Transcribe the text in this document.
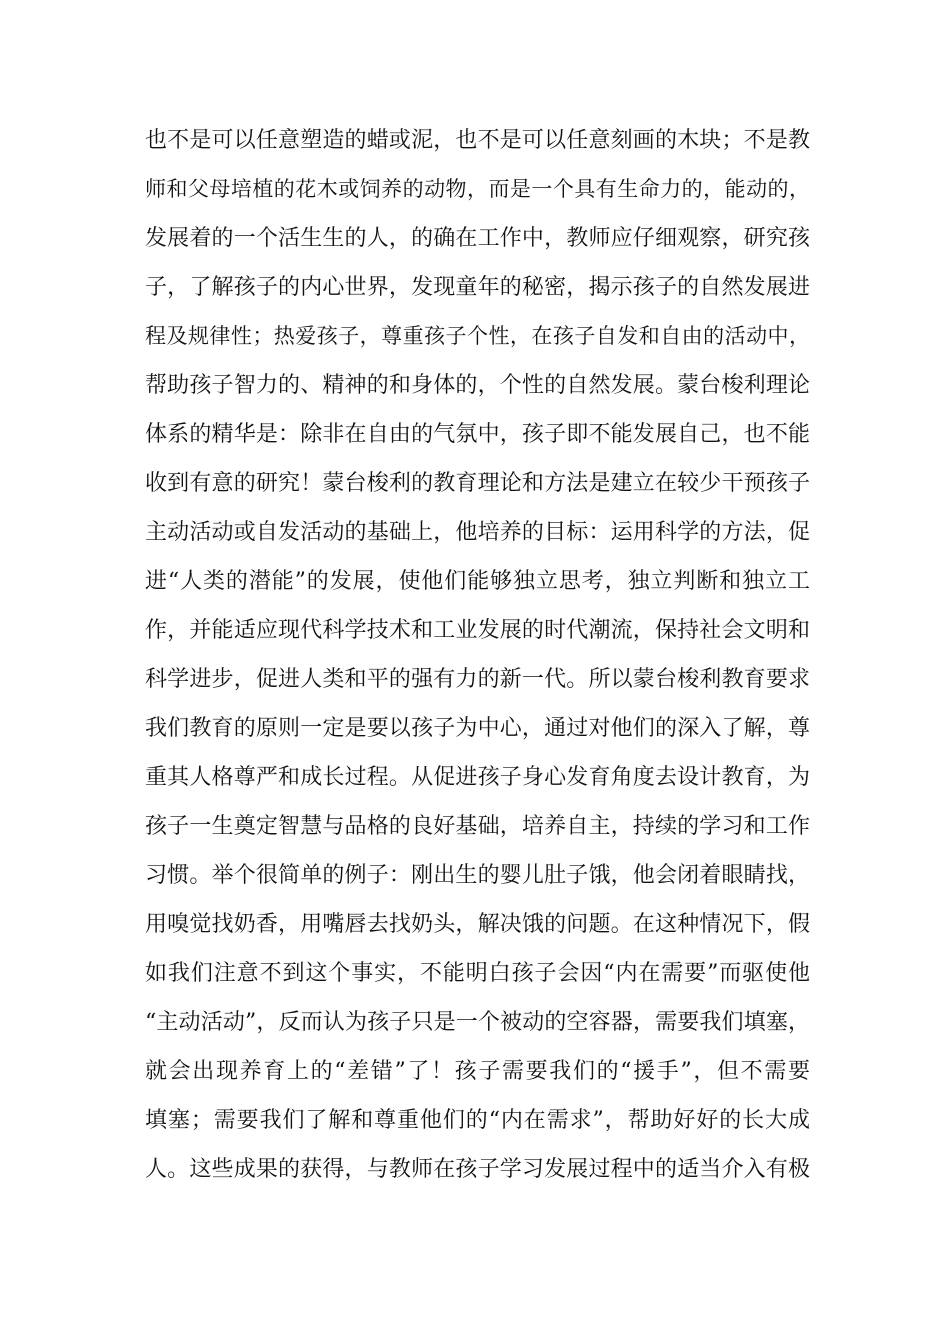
也不是可以任意塑造的蜡或泥，也不是可以任意刻画的木块；不是教
师和父母培植的花木或饲养的动物，而是一个具有生命力的，能动的，
发展着的一个活生生的人，的确在工作中，教师应仔细观察，研究孩
子，了解孩子的内心世界，发现童年的秘密，揭示孩子的自然发展进
程及规律性；热爱孩子，尊重孩子个性，在孩子自发和自由的活动中，
帮助孩子智力的、精神的和身体的，个性的自然发展。蒙台梭利理论
体系的精华是：除非在自由的气氛中，孩子即不能发展自己，也不能
收到有意的研究！蒙台梭利的教育理论和方法是建立在较少干预孩子
主动活动或自发活动的基础上，他培养的目标：运用科学的方法，促
进“人类的潜能”的发展，使他们能够独立思考，独立判断和独立工
作，并能适应现代科学技术和工业发展的时代潮流，保持社会文明和
科学进步，促进人类和平的强有力的新一代。所以蒙台梭利教育要求
我们教育的原则一定是要以孩子为中心，通过对他们的深入了解，尊
重其人格尊严和成长过程。从促进孩子身心发育角度去设计教育，为
孩子一生奠定智慧与品格的良好基础，培养自主，持续的学习和工作
习惯。举个很简单的例子：刚出生的婴儿肚子饿，他会闭着眼睛找，
用嗅觉找奶香，用嘴唇去找奶头，解决饿的问题。在这种情况下，假
如我们注意不到这个事实，不能明白孩子会因“内在需要”而驱使他
“主动活动”，反而认为孩子只是一个被动的空容器，需要我们填塞，
就会出现养育上的“差错”了！孩子需要我们的“援手”，但不需要
填塞；需要我们了解和尊重他们的“内在需求”，帮助好好的长大成
人。这些成果的获得，与教师在孩子学习发展过程中的适当介入有极
